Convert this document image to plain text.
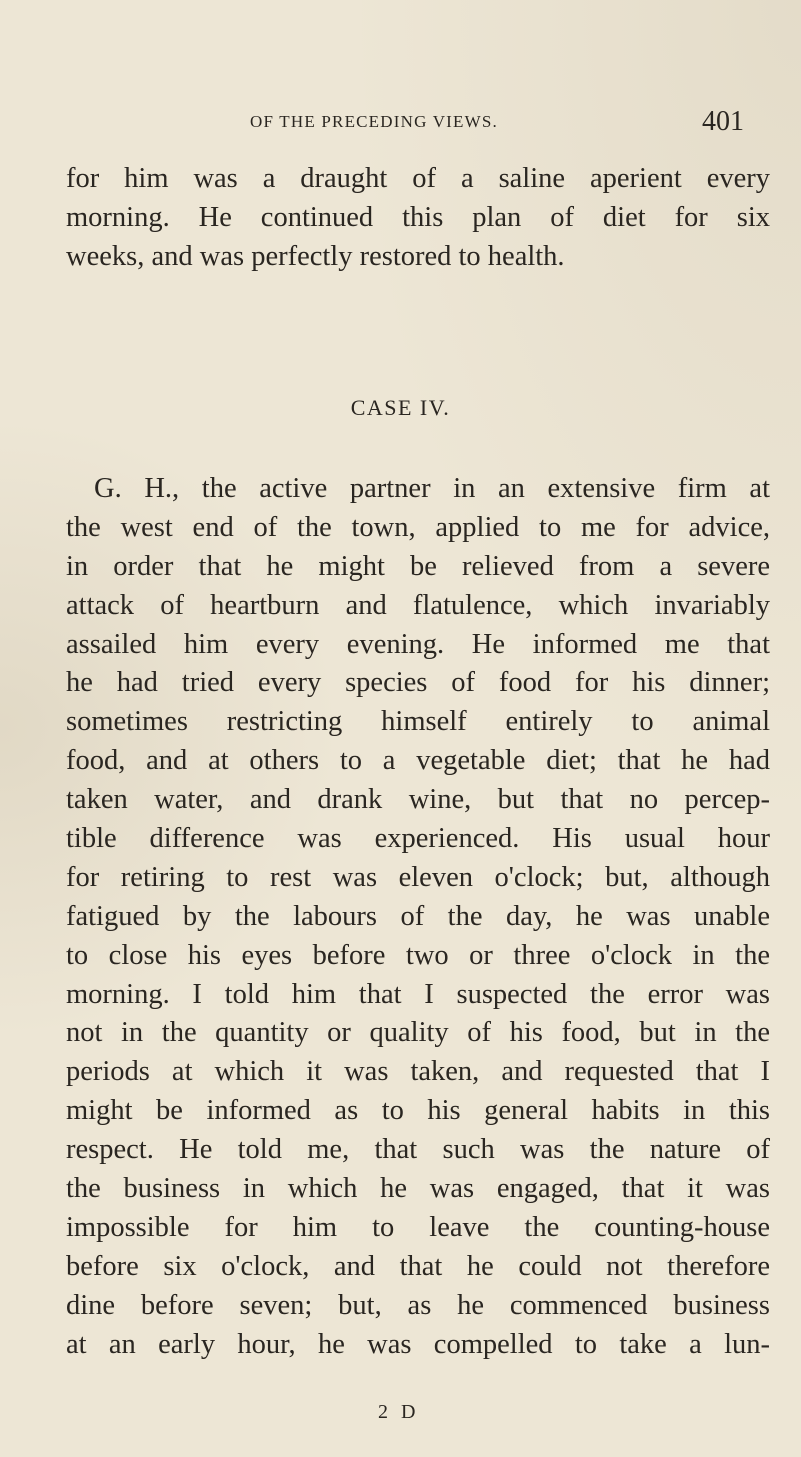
OF THE PRECEDING VIEWS.	401
for him was a draught of a saline aperient every
morning. He continued this plan of diet for six
weeks, and was perfectly restored to health.
CASE IV.
G. H., the active partner in an extensive firm at
the west end of the town, applied to me for advice,
in order that he might be relieved from a severe
attack of heartburn and flatulence, which invariably
assailed him every evening. He informed me that
he had tried every species of food for his dinner;
sometimes restricting himself entirely to animal
food, and at others to a vegetable diet; that he had
taken water, and drank wine, but that no percep-
tible difference was experienced. His usual hour
for retiring to rest was eleven o'clock; but, although
fatigued by the labours of the day, he was unable
to close his eyes before two or three o'clock in the
morning. I told him that I suspected the error was
not in the quantity or quality of his food, but in the
periods at which it was taken, and requested that I
might be informed as to his general habits in this
respect. He told me, that such was the nature of
the business in which he was engaged, that it was
impossible for him to leave the counting-house
before six o'clock, and that he could not therefore
dine before seven; but, as he commenced business
at an early hour, he was compelled to take a lun-
2 D
